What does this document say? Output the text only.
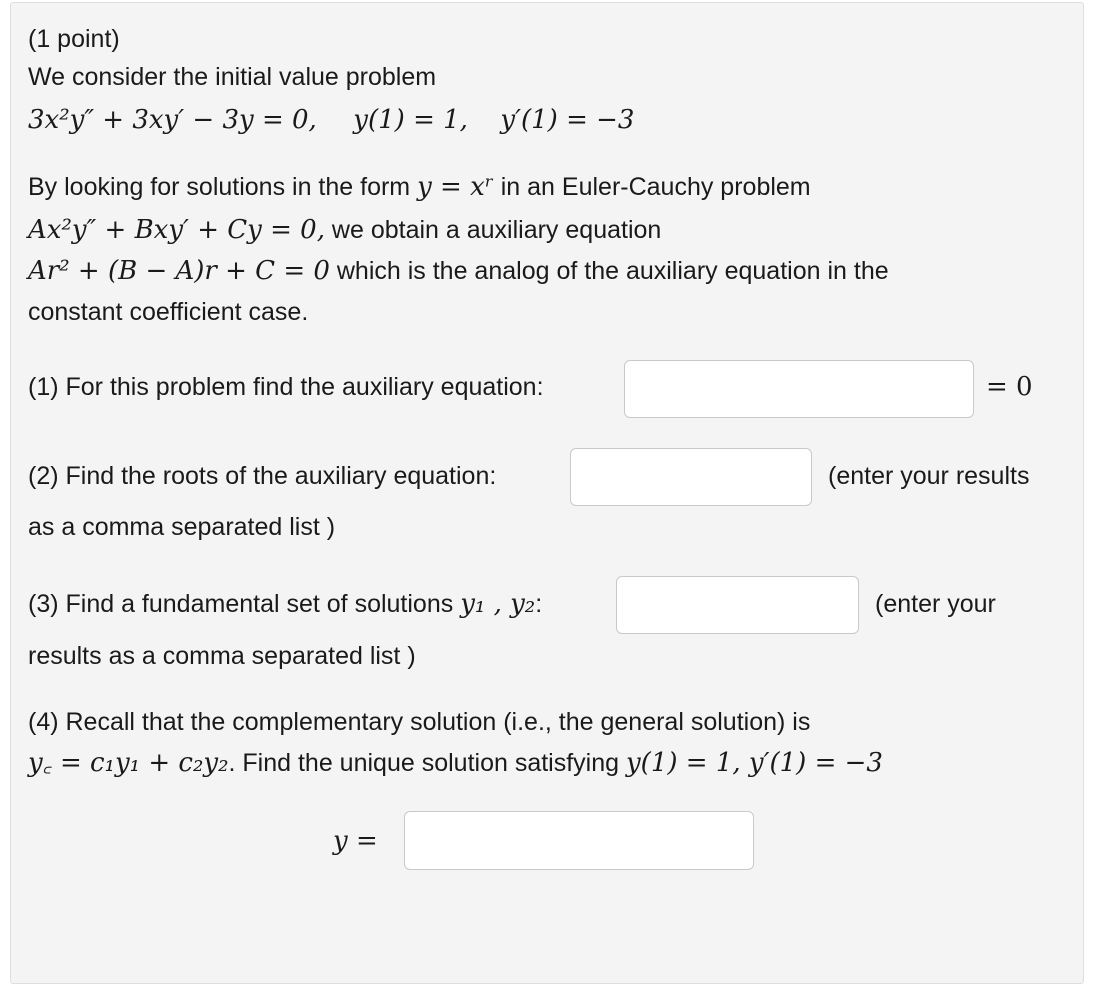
(1 point)
We consider the initial value problem
3x²y″ + 3xy′ − 3y = 0, y(1) = 1, y′(1) = −3
By looking for solutions in the form y = xʳ in an Euler-Cauchy problem
Ax²y″ + Bxy′ + Cy = 0, we obtain a auxiliary equation
Ar² + (B − A)r + C = 0 which is the analog of the auxiliary equation in the
constant coefficient case.
(1) For this problem find the auxiliary equation:	= 0
(2) Find the roots of the auxiliary equation:	(enter your results
as a comma separated list )
(3) Find a fundamental set of solutions y₁ , y₂:	(enter your
results as a comma separated list )
(4) Recall that the complementary solution (i.e., the general solution) is
y꜀ = c₁y₁ + c₂y₂. Find the unique solution satisfying y(1) = 1, y′(1) = −3
y =
